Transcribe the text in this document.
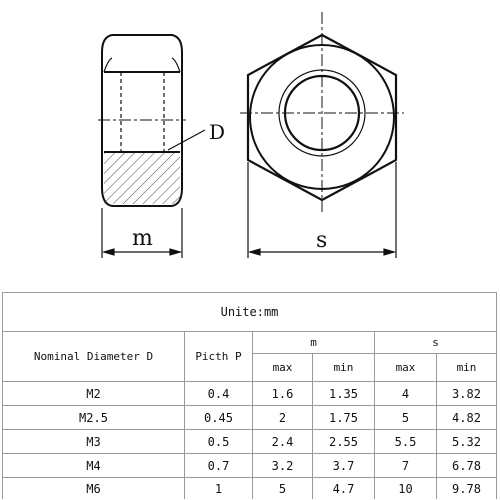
D
m	s
Unite:mm					
Nominal Diameter D	Picth P	m		s	
		max	min	max	min
M2	0.4	1.6	1.35	4	3.82
M2.5	0.45	2	1.75	5	4.82
M3	0.5	2.4	2.55	5.5	5.32
M4	0.7	3.2	3.7	7	6.78
M6	1	5	4.7	10	9.78
